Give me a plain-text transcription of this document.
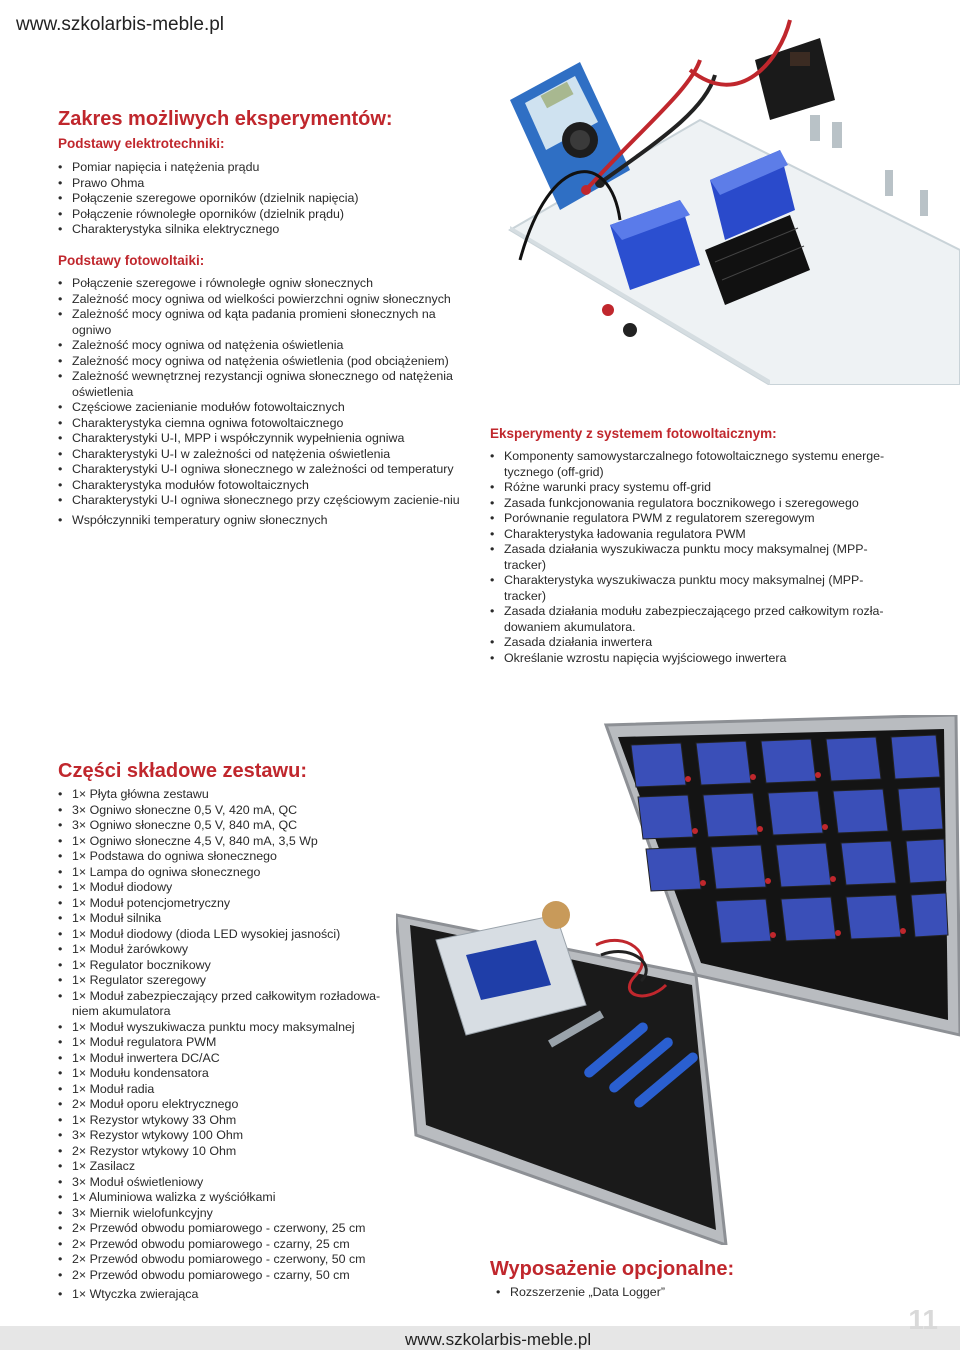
www.szkolarbis-meble.pl
Zakres możliwych eksperymentów:
Podstawy elektrotechniki:
• Pomiar napięcia i natężenia prądu
• Prawo Ohma
• Połączenie szeregowe oporników (dzielnik napięcia)
• Połączenie równoległe oporników (dzielnik prądu)
• Charakterystyka silnika elektrycznego
Podstawy fotowoltaiki:
• Połączenie szeregowe i równoległe ogniw słonecznych
• Zależność mocy ogniwa od wielkości powierzchni ogniw słonecznych
• Zależność mocy ogniwa od kąta padania promieni słonecznych na ogniwo
• Zależność mocy ogniwa od natężenia oświetlenia
• Zależność mocy ogniwa od natężenia oświetlenia (pod obciążeniem)
• Zależność wewnętrznej rezystancji ogniwa słonecznego od natężenia oświetlenia
• Częściowe zacienianie modułów fotowoltaicznych
• Charakterystyka ciemna ogniwa fotowoltaicznego
• Charakterystyki U-I, MPP i współczynnik wypełnienia ogniwa
• Charakterystyki U-I w zależności od natężenia oświetlenia
• Charakterystyki U-I ogniwa słonecznego w zależności od temperatury
• Charakterystyka modułów fotowoltaicznych
• Charakterystyki U-I ogniwa słonecznego przy częściowym zacienie-niu
• Współczynniki temperatury ogniw słonecznych
Eksperymenty z systemem fotowoltaicznym:
• Komponenty samowystarczalnego fotowoltaicznego systemu energe-tycznego (off-grid)
• Różne warunki pracy systemu off-grid
• Zasada funkcjonowania regulatora bocznikowego i szeregowego
• Porównanie regulatora PWM z regulatorem szeregowym
• Charakterystyka ładowania regulatora PWM
• Zasada działania wyszukiwacza punktu mocy maksymalnej (MPP-tracker)
• Charakterystyka wyszukiwacza punktu mocy maksymalnej (MPP-tracker)
• Zasada działania modułu zabezpieczającego przed całkowitym rozła-dowaniem akumulatora.
• Zasada działania inwertera
• Określanie wzrostu napięcia wyjściowego inwertera
Części składowe zestawu:
• 1× Płyta główna zestawu
• 3× Ogniwo słoneczne 0,5 V, 420 mA, QC
• 3× Ogniwo słoneczne 0,5 V, 840 mA, QC
• 1× Ogniwo słoneczne 4,5 V, 840 mA, 3,5 Wp
• 1× Podstawa do ogniwa słonecznego
• 1× Lampa do ogniwa słonecznego
• 1× Moduł diodowy
• 1× Moduł potencjometryczny
• 1× Moduł silnika
• 1× Moduł diodowy (dioda LED wysokiej jasności)
• 1× Moduł żarówkowy
• 1× Regulator bocznikowy
• 1× Regulator szeregowy
• 1× Moduł zabezpieczający przed całkowitym rozładowa-niem akumulatora
• 1× Moduł wyszukiwacza punktu mocy maksymalnej
• 1× Moduł regulatora PWM
• 1× Moduł inwertera DC/AC
• 1× Modułu kondensatora
• 1× Moduł radia
• 2× Moduł oporu elektrycznego
• 1× Rezystor wtykowy 33 Ohm
• 3× Rezystor wtykowy 100 Ohm
• 2× Rezystor wtykowy 10 Ohm
• 1× Zasilacz
• 3× Moduł oświetleniowy
• 1× Aluminiowa walizka z wyściółkami
• 3× Miernik wielofunkcyjny
• 2× Przewód obwodu pomiarowego - czerwony, 25 cm
• 2× Przewód obwodu pomiarowego - czarny, 25 cm
• 2× Przewód obwodu pomiarowego - czerwony, 50 cm
• 2× Przewód obwodu pomiarowego - czarny, 50 cm
• 1× Wtyczka zwierająca
Wyposażenie opcjonalne:
• Rozszerzenie „Data Logger”
www.szkolarbis-meble.pl
11
